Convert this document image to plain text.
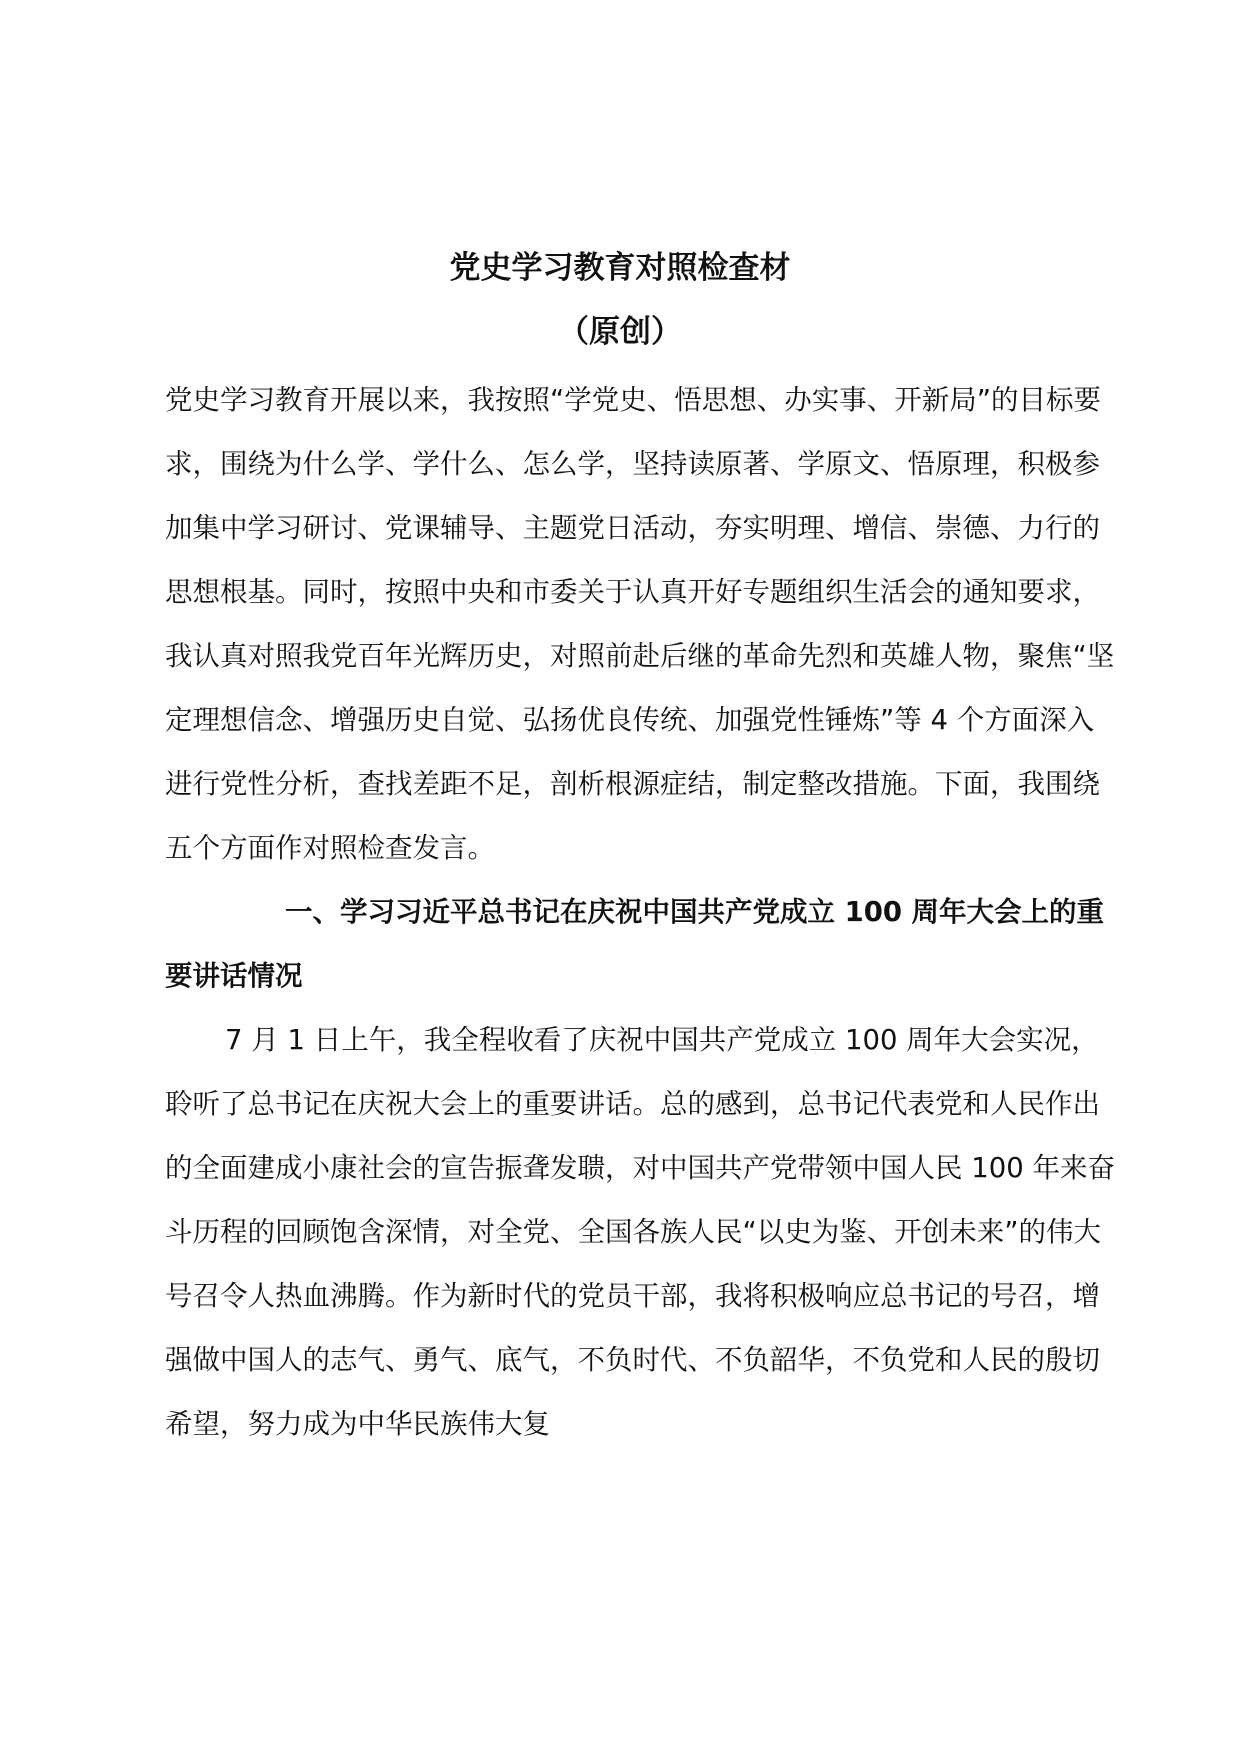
党史学习教育对照检查材
（原创）

党史学习教育开展以来，我按照“学党史、悟思想、办实事、开新局”的目标要求，围绕为什么学、学什么、怎么学，坚持读原著、学原文、悟原理，积极参加集中学习研讨、党课辅导、主题党日活动，夯实明理、增信、崇德、力行的思想根基。同时，按照中央和市委关于认真开好专题组织生活会的通知要求，我认真对照我党百年光辉历史，对照前赴后继的革命先烈和英雄人物，聚焦“坚定理想信念、增强历史自觉、弘扬优良传统、加强党性锤炼”等 4 个方面深入进行党性分析，查找差距不足，剖析根源症结，制定整改措施。下面，我围绕五个方面作对照检查发言。

一、学习习近平总书记在庆祝中国共产党成立 100 周年大会上的重要讲话情况

7 月 1 日上午，我全程收看了庆祝中国共产党成立 100 周年大会实况，聆听了总书记在庆祝大会上的重要讲话。总的感到，总书记代表党和人民作出的全面建成小康社会的宣告振聋发聩，对中国共产党带领中国人民 100 年来奋斗历程的回顾饱含深情，对全党、全国各族人民“以史为鉴、开创未来”的伟大号召令人热血沸腾。作为新时代的党员干部，我将积极响应总书记的号召，增强做中国人的志气、勇气、底气，不负时代、不负韶华，不负党和人民的殷切希望，努力成为中华民族伟大复
